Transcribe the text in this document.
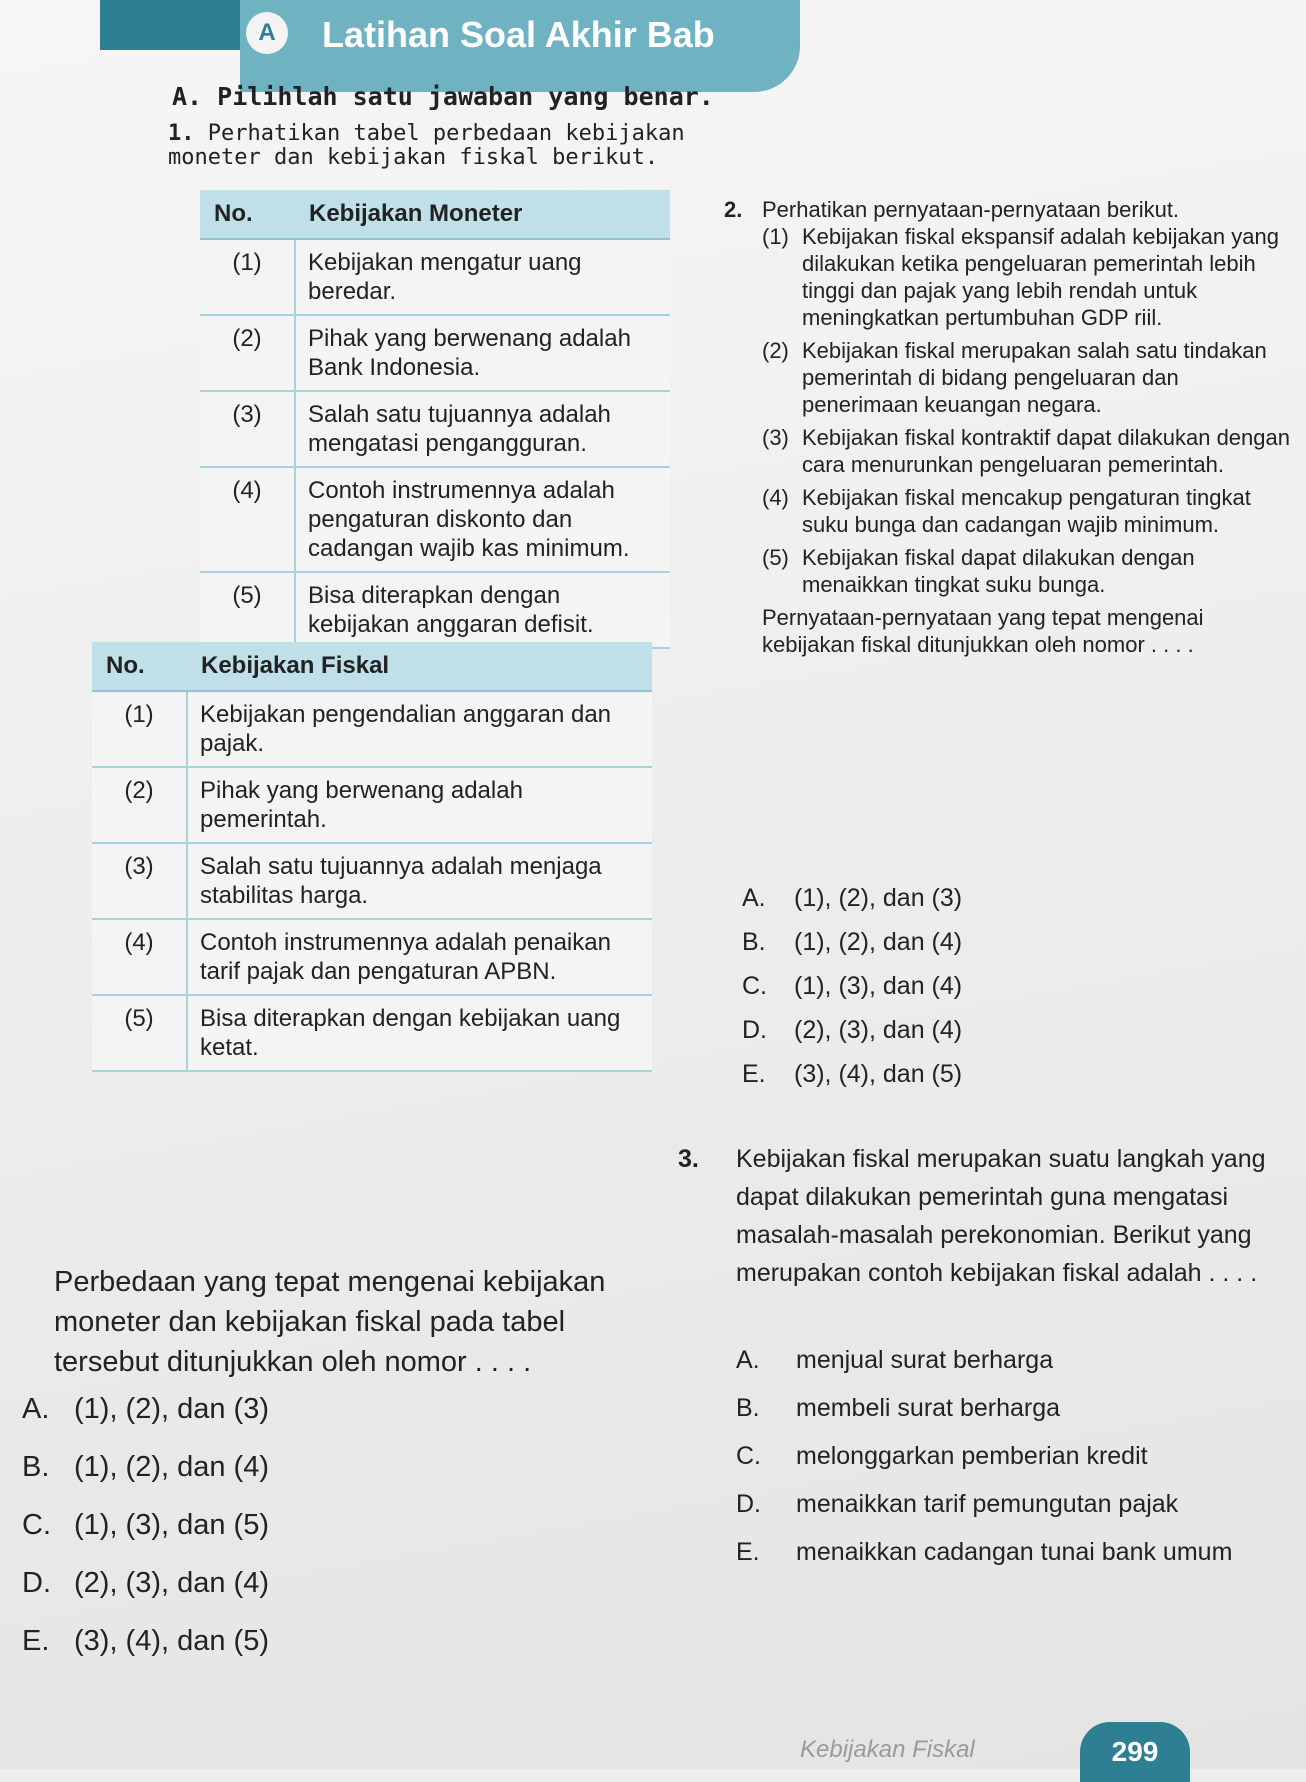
A	Latihan Soal Akhir Bab
A. Pilihlah satu jawaban yang benar.
1. Perhatikan tabel perbedaan kebijakan moneter dan kebijakan fiskal berikut.
No.	Kebijakan Moneter
(1)	Kebijakan mengatur uang beredar.
(2)	Pihak yang berwenang adalah Bank Indonesia.
(3)	Salah satu tujuannya adalah mengatasi pengangguran.
(4)	Contoh instrumennya adalah pengaturan diskonto dan cadangan wajib kas minimum.
(5)	Bisa diterapkan dengan kebijakan anggaran defisit.
No.	Kebijakan Fiskal
(1)	Kebijakan pengendalian anggaran dan pajak.
(2)	Pihak yang berwenang adalah pemerintah.
(3)	Salah satu tujuannya adalah menjaga stabilitas harga.
(4)	Contoh instrumennya adalah penaikan tarif pajak dan pengaturan APBN.
(5)	Bisa diterapkan dengan kebijakan uang ketat.
Perbedaan yang tepat mengenai kebijakan moneter dan kebijakan fiskal pada tabel tersebut ditunjukkan oleh nomor . . . .
A. (1), (2), dan (3)
B. (1), (2), dan (4)
C. (1), (3), dan (5)
D. (2), (3), dan (4)
E. (3), (4), dan (5)
2. Perhatikan pernyataan-pernyataan berikut.
(1) Kebijakan fiskal ekspansif adalah kebijakan yang dilakukan ketika pengeluaran pemerintah lebih tinggi dan pajak yang lebih rendah untuk meningkatkan pertumbuhan GDP riil.
(2) Kebijakan fiskal merupakan salah satu tindakan pemerintah di bidang pengeluaran dan penerimaan keuangan negara.
(3) Kebijakan fiskal kontraktif dapat dilakukan dengan cara menurunkan pengeluaran pemerintah.
(4) Kebijakan fiskal mencakup pengaturan tingkat suku bunga dan cadangan wajib minimum.
(5) Kebijakan fiskal dapat dilakukan dengan menaikkan tingkat suku bunga.
Pernyataan-pernyataan yang tepat mengenai kebijakan fiskal ditunjukkan oleh nomor . . . .
A. (1), (2), dan (3)
B. (1), (2), dan (4)
C. (1), (3), dan (4)
D. (2), (3), dan (4)
E. (3), (4), dan (5)
3. Kebijakan fiskal merupakan suatu langkah yang dapat dilakukan pemerintah guna mengatasi masalah-masalah perekonomian. Berikut yang merupakan contoh kebijakan fiskal adalah . . . .
A. menjual surat berharga
B. membeli surat berharga
C. melonggarkan pemberian kredit
D. menaikkan tarif pemungutan pajak
E. menaikkan cadangan tunai bank umum
Kebijakan Fiskal	299
